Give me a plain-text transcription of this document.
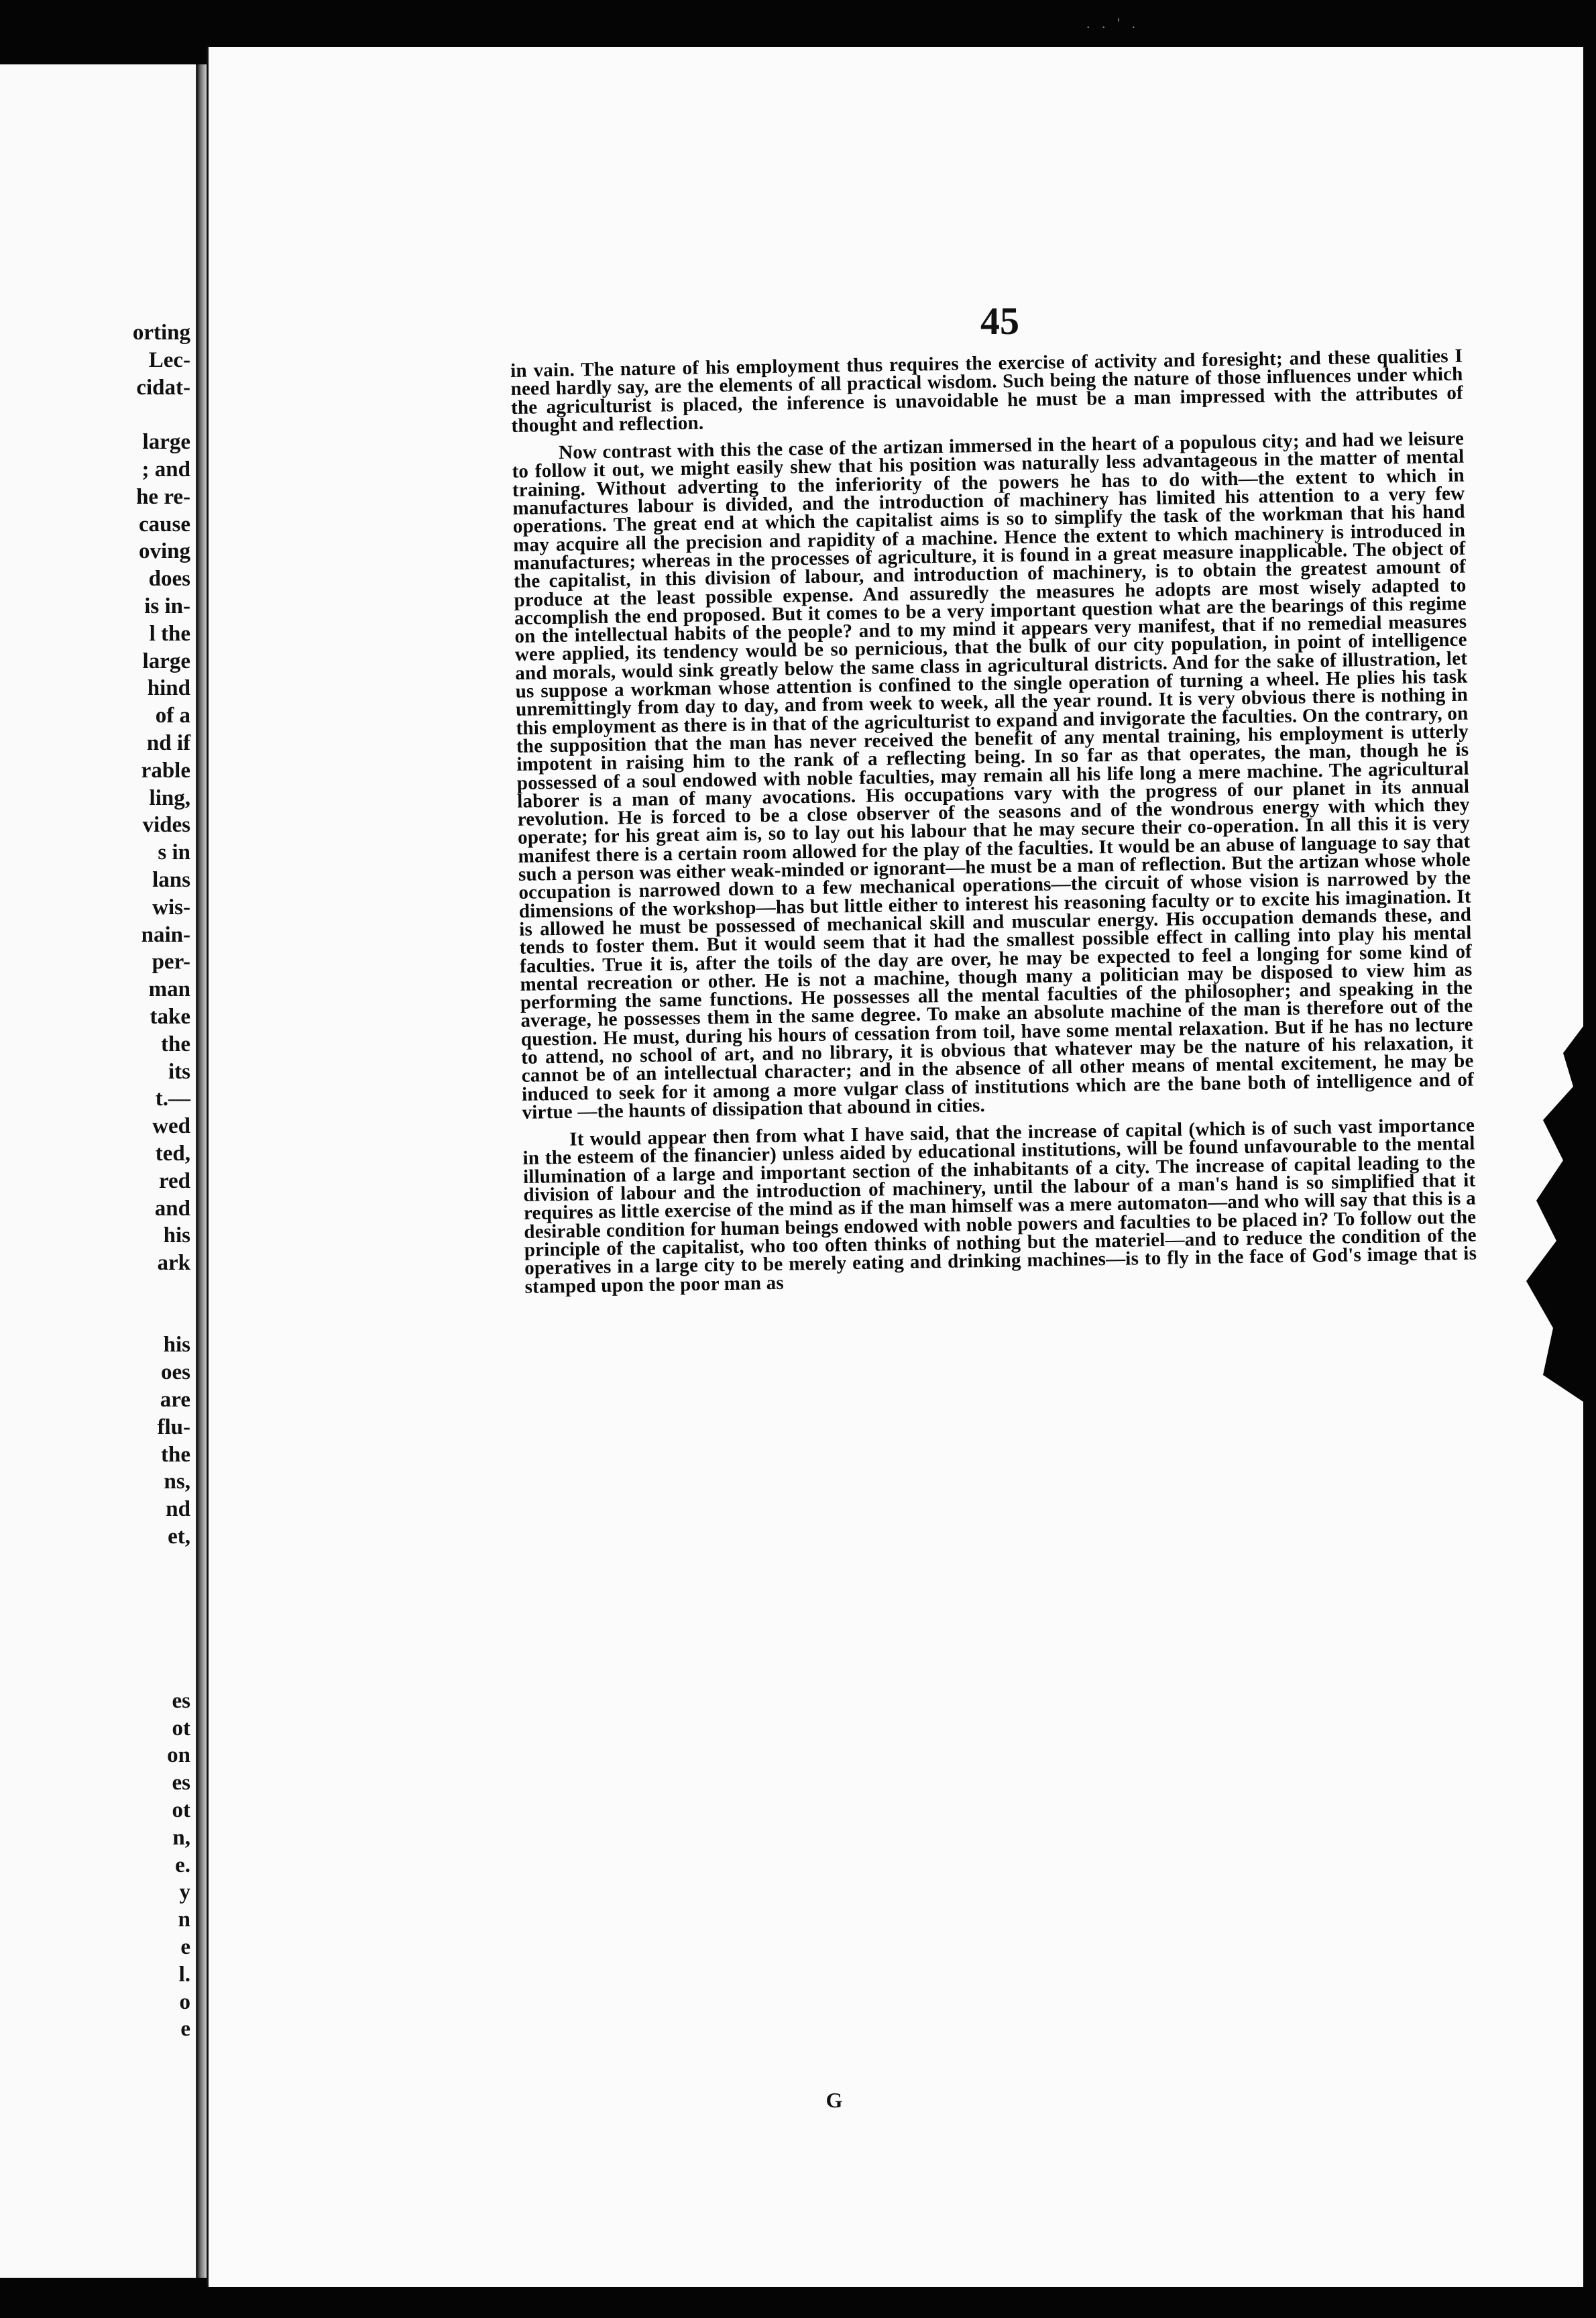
orting
Lec-
cidat-

large
; and
he re-
cause
oving
does
is in-
l the
large
hind
of a
nd if
rable
ling,
vides
s in
lans
wis-
nain-
per-
man
take
the
its
t.—
wed
ted,
red
and
his
ark

his
oes
are
flu-
the
ns,
nd
et,

es
ot
on
es
ot
n,
e.
y
n
e
l.
o
e
. . ' .
45

in vain. The nature of his employment thus requires the exercise of activity and foresight; and these qualities I need hardly say, are the elements of all practical wisdom. Such being the nature of those influences under which the agriculturist is placed, the inference is unavoidable he must be a man impressed with the attributes of thought and reflection.

Now contrast with this the case of the artizan immersed in the heart of a populous city; and had we leisure to follow it out, we might easily shew that his position was naturally less advantageous in the matter of mental training. Without adverting to the inferiority of the powers he has to do with—the extent to which in manufactures labour is divided, and the introduction of machinery has limited his attention to a very few operations. The great end at which the capitalist aims is so to simplify the task of the workman that his hand may acquire all the precision and rapidity of a machine. Hence the extent to which machinery is introduced in manufactures; whereas in the processes of agriculture, it is found in a great measure inapplicable. The object of the capitalist, in this division of labour, and introduction of machinery, is to obtain the greatest amount of produce at the least possible expense. And assuredly the measures he adopts are most wisely adapted to accomplish the end proposed. But it comes to be a very important question what are the bearings of this regime on the intellectual habits of the people? and to my mind it appears very manifest, that if no remedial measures were applied, its tendency would be so pernicious, that the bulk of our city population, in point of intelligence and morals, would sink greatly below the same class in agricultural districts. And for the sake of illustration, let us suppose a workman whose attention is confined to the single operation of turning a wheel. He plies his task unremittingly from day to day, and from week to week, all the year round. It is very obvious there is nothing in this employment as there is in that of the agriculturist to expand and invigorate the faculties. On the contrary, on the supposition that the man has never received the benefit of any mental training, his employment is utterly impotent in raising him to the rank of a reflecting being. In so far as that operates, the man, though he is possessed of a soul endowed with noble faculties, may remain all his life long a mere machine. The agricultural laborer is a man of many avocations. His occupations vary with the progress of our planet in its annual revolution. He is forced to be a close observer of the seasons and of the wondrous energy with which they operate; for his great aim is, so to lay out his labour that he may secure their co-operation. In all this it is very manifest there is a certain room allowed for the play of the faculties. It would be an abuse of language to say that such a person was either weak-minded or ignorant—he must be a man of reflection. But the artizan whose whole occupation is narrowed down to a few mechanical operations—the circuit of whose vision is narrowed by the dimensions of the workshop—has but little either to interest his reasoning faculty or to excite his imagination. It is allowed he must be possessed of mechanical skill and muscular energy. His occupation demands these, and tends to foster them. But it would seem that it had the smallest possible effect in calling into play his mental faculties. True it is, after the toils of the day are over, he may be expected to feel a longing for some kind of mental recreation or other. He is not a machine, though many a politician may be disposed to view him as performing the same functions. He possesses all the mental faculties of the philosopher; and speaking in the average, he possesses them in the same degree. To make an absolute machine of the man is therefore out of the question. He must, during his hours of cessation from toil, have some mental relaxation. But if he has no lecture to attend, no school of art, and no library, it is obvious that whatever may be the nature of his relaxation, it cannot be of an intellectual character; and in the absence of all other means of mental excitement, he may be induced to seek for it among a more vulgar class of institutions which are the bane both of intelligence and of virtue —the haunts of dissipation that abound in cities.

It would appear then from what I have said, that the increase of capital (which is of such vast importance in the esteem of the financier) unless aided by educational institutions, will be found unfavourable to the mental illumination of a large and important section of the inhabitants of a city. The increase of capital leading to the division of labour and the introduction of machinery, until the labour of a man's hand is so simplified that it requires as little exercise of the mind as if the man himself was a mere automaton—and who will say that this is a desirable condition for human beings endowed with noble powers and faculties to be placed in? To follow out the principle of the capitalist, who too often thinks of nothing but the materiel—and to reduce the condition of the operatives in a large city to be merely eating and drinking machines—is to fly in the face of God's image that is stamped upon the poor man as

G
